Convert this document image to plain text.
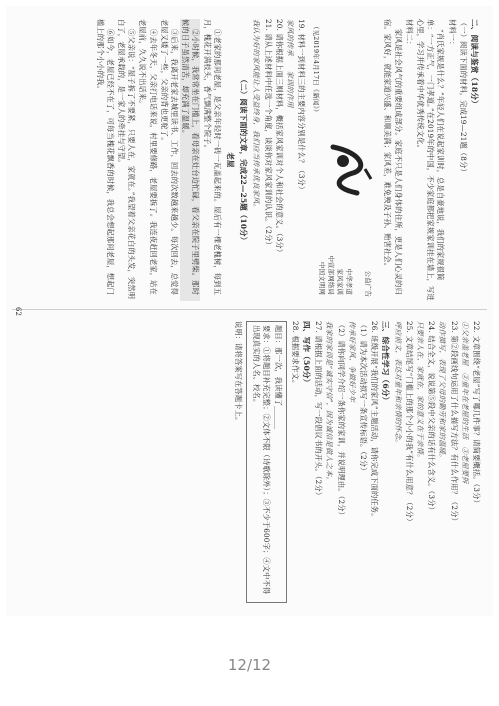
二、阅读与鉴赏（18分）
（一）阅读下面的材料，完成19—21题（8分）
材料一：
“肖氏家规是什么？”年轻人们在说起家训时，总是自豪地说，我们的家规很简单：“一方正气，一门孝道。”在2019年的中国，不少家庭都把家规家训挂在墙上，写进心里，学习并传承着中华优秀传统文化。
材料二：
家风是社会风气的重要组成部分。家庭不只是人们身体的住所，更是人们心灵的归宿。家风好，就能家道兴盛、和顺美满；家风差，难免殃及子孙、贻害社会。
公益广告
中华孝道
家风家训
中宣部网络局
中国文明网
（见2019年4月17日《新闻》）
19. 材料一到材料三的主要内容分别是什么？（3分）
家风的传承　　家训的作用
20. 请你根据上面三则材料，概括家风家训对个人和社会的意义。（3分）
21. 请从上述材料中任选一个角度，谈谈你对家风家训的认识。（2分）
我认为好的家风能让人受益终身，我们应当传承优良家风。
（二）阅读下面的文章，完成22—25题（10分）
老屋
①老家的那间老屋，是父亲年轻时一砖一瓦盖起来的。屋后有一棵老槐树，每到五月，槐花开满枝头，香气飘满整个院子。
②小时候，我常常坐在门槛上，看母亲在灶台边忙碌，看父亲在院子里劈柴。那时候的日子虽然清苦，却充满了温暖。
③后来，我离开老家去城里读书、工作，回去的次数越来越少。每次回去，总觉得老屋又矮了一些，父亲的背也更驼了。
④去年冬天，父亲打电话来说，村里要修路，老屋要拆了。我连夜赶回老家，站在老屋前，久久说不出话来。
⑤父亲说：“屋子拆了不要紧，只要人在，家就在。”我望着父亲花白的头发，突然明白了，老屋承载的，是一家人的牵挂与守望。
⑥如今，老屋已经不在了，可每当槐花飘香的时候，我总会想起那间老屋，想起门槛上的那个小小的我。
22. 文章围绕“老屋”写了哪几件事？请简要概括。（3分）
①父亲盖老屋　②童年在老屋的生活　③老屋要拆
23. 第②段画线句运用了什么描写方法？有什么作用？（2分）
动作描写，表现了父母的勤劳和家的温暖。
24. 结合全文，说说第⑤段中父亲的话有什么含义。（3分）
只要亲人在，家就在，家的意义在于亲情。
25. 文章结尾写“门槛上的那个小小的我”有什么用意？（2分）
呼应前文，表达对童年和亲情的怀念。
三、综合性学习（6分）
26. 班级开展“我们的家风”主题活动，请你完成下面的任务。
（1）请为本次活动拟写一条宣传标语。（2分）
传承好家风，争做好少年
（2）请你向同学介绍一条你家的家训，并说明理由。（2分）
我家的家训是“诚实守信”，因为诚信是做人之本。
27. 请根据上面的活动，写一段倡议书的开头。（2分）
四、写作（50分）
28. 根据要求作文。
题目：那一次，我读懂了______
要求：①将题目补充完整；②文体不限（诗歌除外）；③不少于600字；④文中不得出现真实的人名、校名。
说明：请将答案写在答题卡上。
62
12/12
